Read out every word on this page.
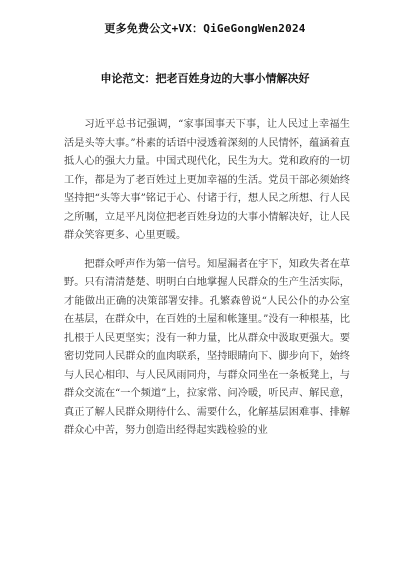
更多免费公文+VX：QiGeGongWen2024
申论范文：把老百姓身边的大事小情解决好

习近平总书记强调，“家事国事天下事，让人民过上幸福生活是头等大事。”朴素的话语中浸透着深刻的人民情怀，蕴涵着直抵人心的强大力量。中国式现代化，民生为大。党和政府的一切工作，都是为了老百姓过上更加幸福的生活。党员干部必须始终坚持把“头等大事”铭记于心、付诸于行，想人民之所想、行人民之所嘱，立足平凡岗位把老百姓身边的大事小情解决好，让人民群众笑容更多、心里更暖。

把群众呼声作为第一信号。知屋漏者在宇下，知政失者在草野。只有清清楚楚、明明白白地掌握人民群众的生产生活实际，才能做出正确的决策部署安排。孔繁森曾说“人民公仆的办公室在基层，在群众中，在百姓的土屋和帐篷里。”没有一种根基，比扎根于人民更坚实；没有一种力量，比从群众中汲取更强大。要密切党同人民群众的血肉联系，坚持眼睛向下、脚步向下，始终与人民心相印、与人民风雨同舟，与群众同坐在一条板凳上，与群众交流在“一个频道”上，拉家常、问冷暖，听民声、解民意，真正了解人民群众期待什么、需要什么，化解基层困难事、排解群众心中苦，努力创造出经得起实践检验的业
